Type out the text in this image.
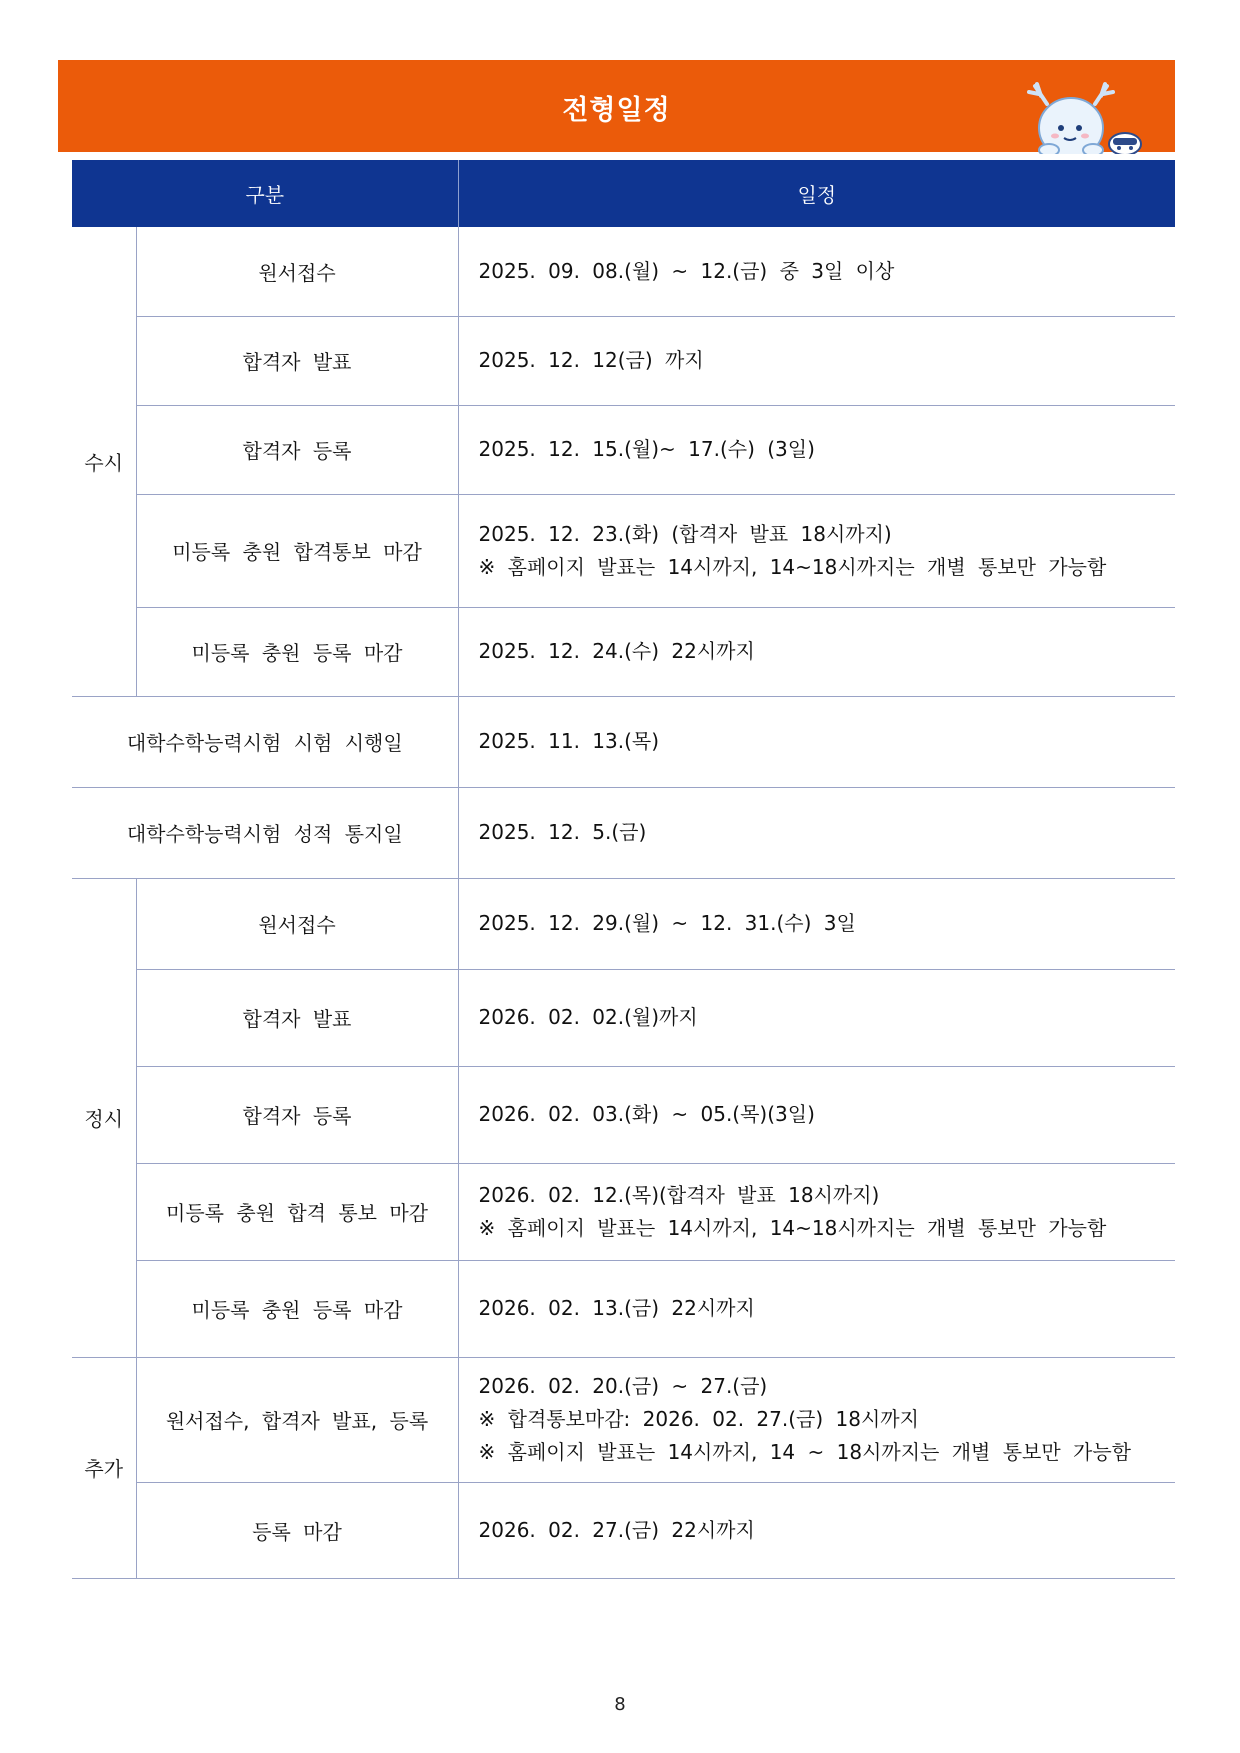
전형일정
구분		일정
수시	원서접수	2025. 09. 08.(월) ~ 12.(금) 중 3일 이상

	합격자 발표	2025. 12. 12(금) 까지

	합격자 등록	2025. 12. 15.(월)~ 17.(수) (3일)

	미등록 충원 합격통보 마감	2025. 12. 23.(화) (합격자 발표 18시까지)
※ 홈페이지 발표는 14시까지, 14~18시까지는 개별 통보만 가능함

	미등록 충원 등록 마감	2025. 12. 24.(수) 22시까지

대학수학능력시험 시험 시행일		2025. 11. 13.(목)

대학수학능력시험 성적 통지일		2025. 12. 5.(금)

정시	원서접수	2025. 12. 29.(월) ~ 12. 31.(수) 3일

	합격자 발표	2026. 02. 02.(월)까지

	합격자 등록	2026. 02. 03.(화) ~ 05.(목)(3일)

	미등록 충원 합격 통보 마감	2026. 02. 12.(목)(합격자 발표 18시까지)
※ 홈페이지 발표는 14시까지, 14~18시까지는 개별 통보만 가능함

	미등록 충원 등록 마감	2026. 02. 13.(금) 22시까지

추가	원서접수, 합격자 발표, 등록	2026. 02. 20.(금) ~ 27.(금)
※ 합격통보마감: 2026. 02. 27.(금) 18시까지
※ 홈페이지 발표는 14시까지, 14 ~ 18시까지는 개별 통보만 가능함

	등록 마감	2026. 02. 27.(금) 22시까지
8
